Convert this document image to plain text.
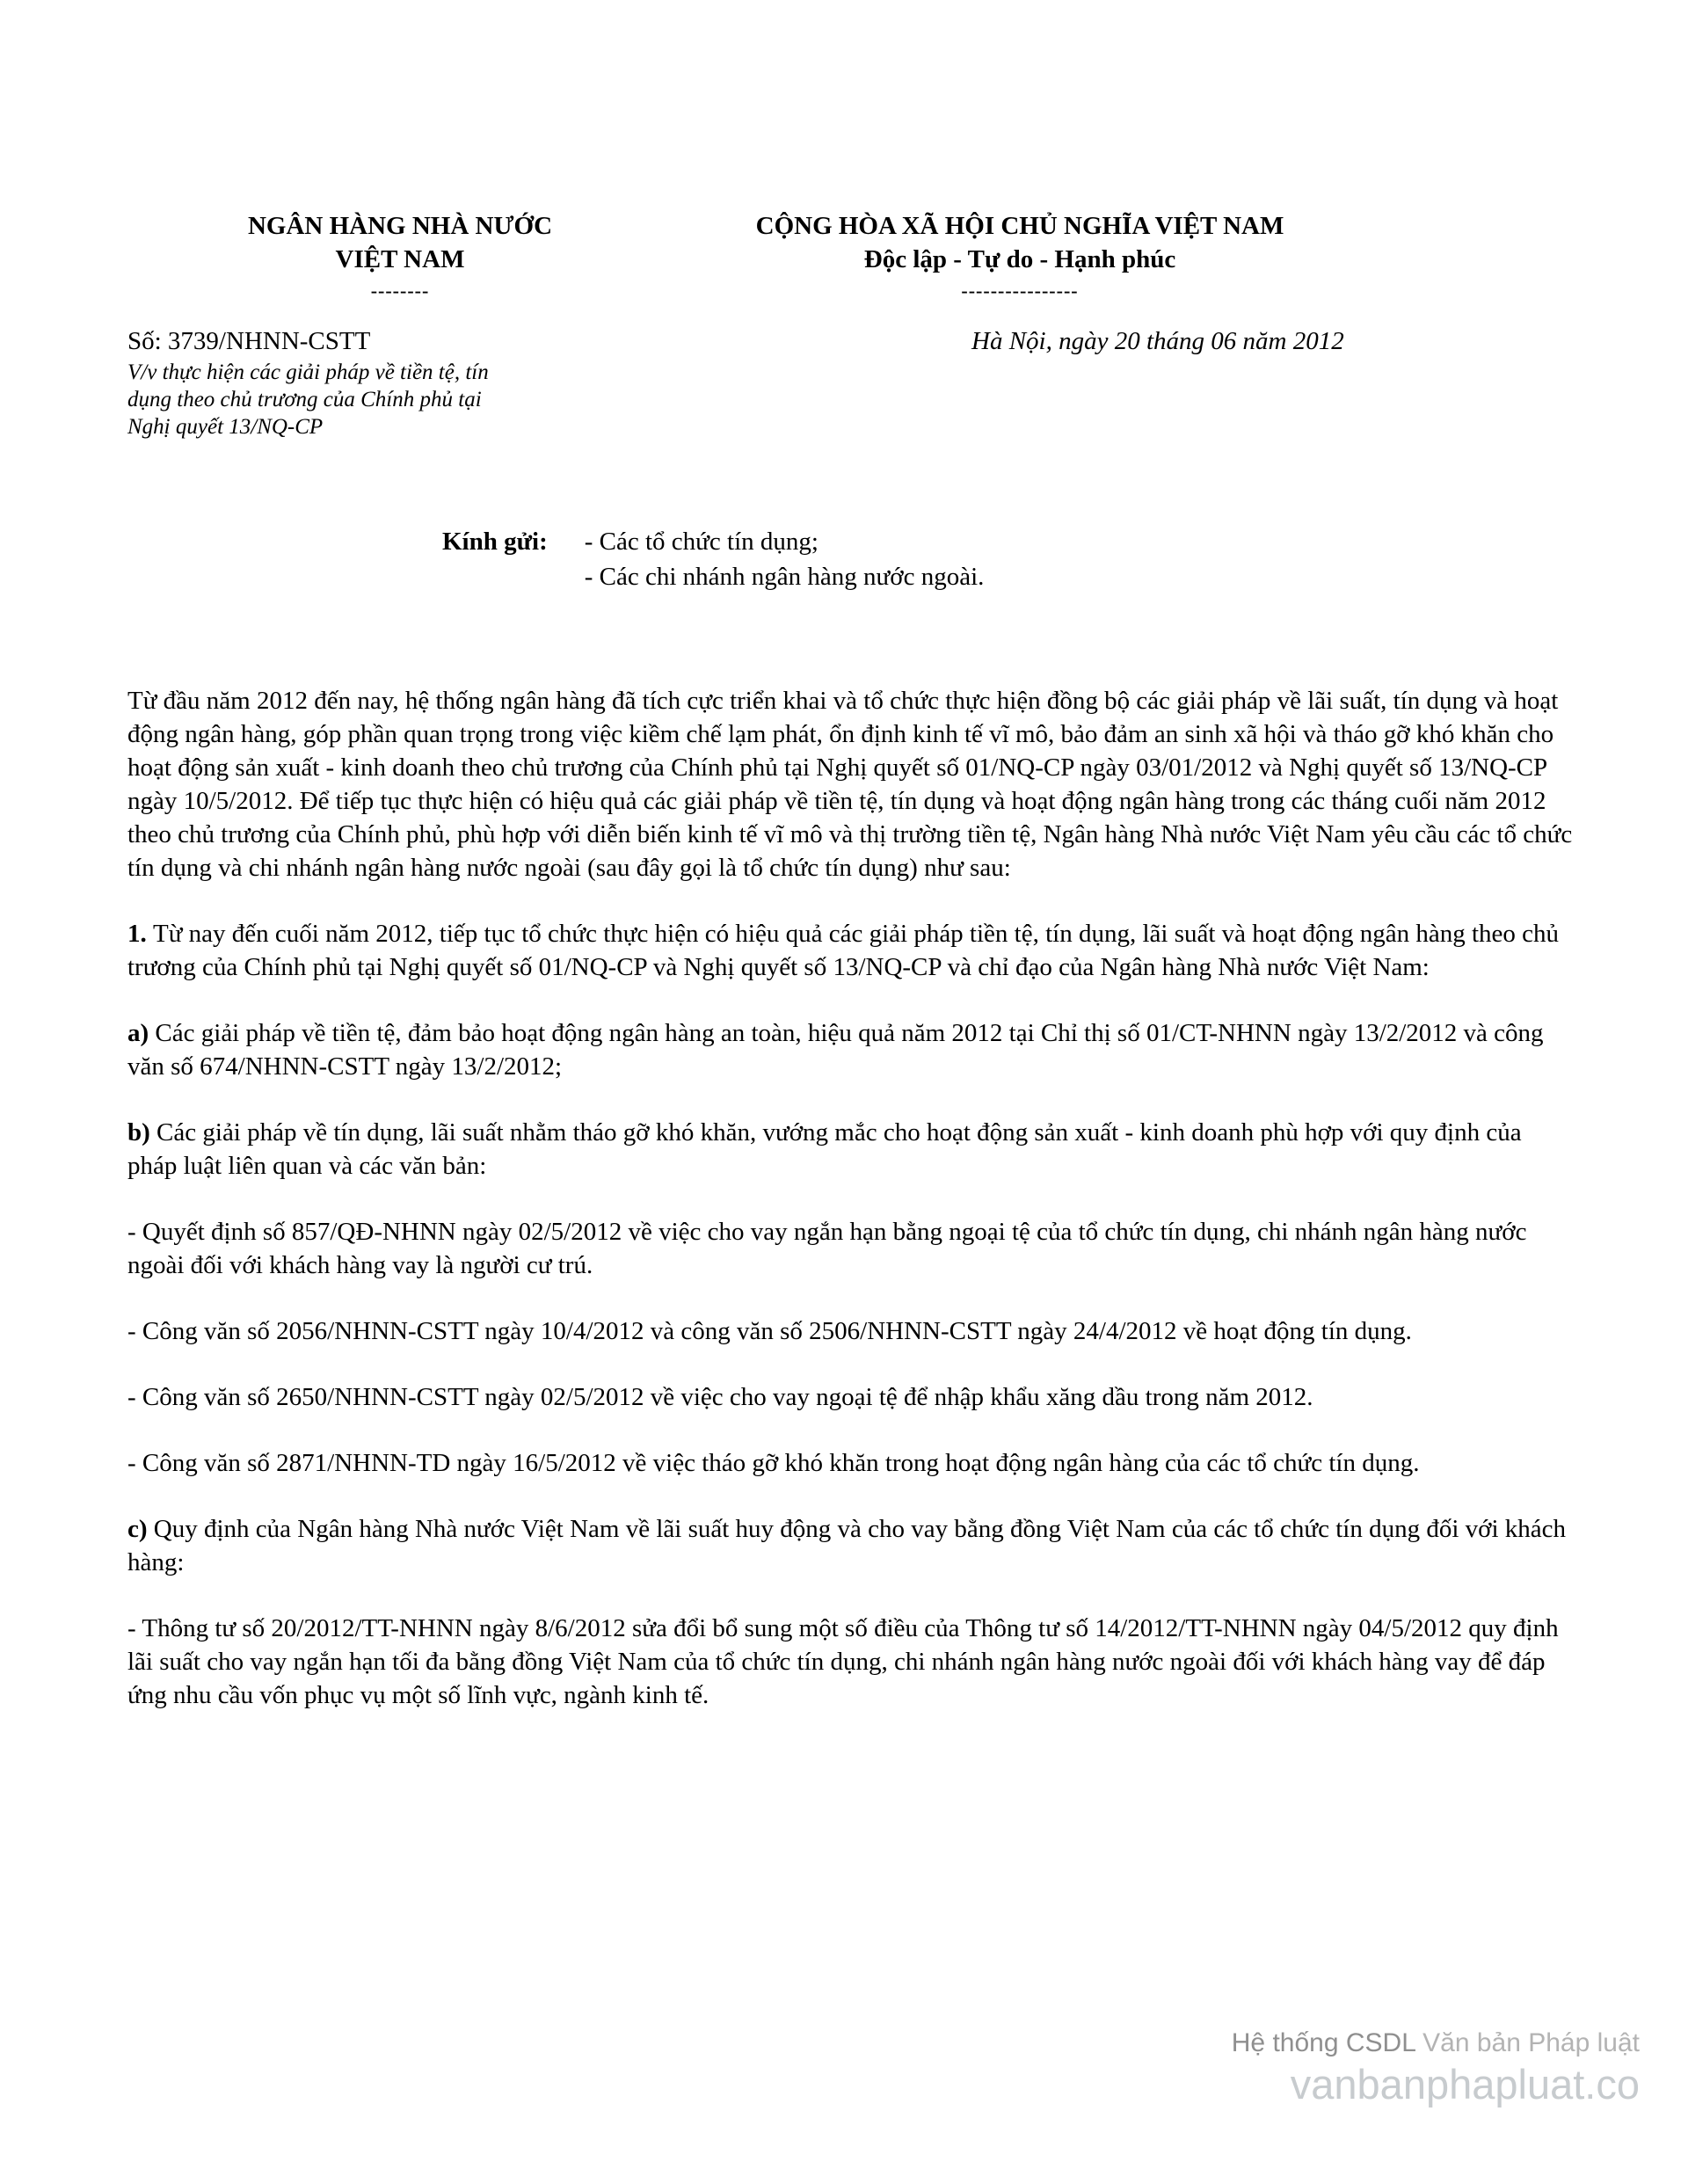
NGÂN HÀNG NHÀ NƯỚC
VIỆT NAM
--------
CỘNG HÒA XÃ HỘI CHỦ NGHĨA VIỆT NAM
Độc lập - Tự do - Hạnh phúc
----------------
Số: 3739/NHNN-CSTT
V/v thực hiện các giải pháp về tiền tệ, tín dụng theo chủ trương của Chính phủ tại Nghị quyết 13/NQ-CP
Hà Nội, ngày 20 tháng 06 năm 2012
Kính gửi: - Các tổ chức tín dụng;
- Các chi nhánh ngân hàng nước ngoài.

Từ đầu năm 2012 đến nay, hệ thống ngân hàng đã tích cực triển khai và tổ chức thực hiện đồng bộ các giải pháp về lãi suất, tín dụng và hoạt động ngân hàng, góp phần quan trọng trong việc kiềm chế lạm phát, ổn định kinh tế vĩ mô, bảo đảm an sinh xã hội và tháo gỡ khó khăn cho hoạt động sản xuất - kinh doanh theo chủ trương của Chính phủ tại Nghị quyết số 01/NQ-CP ngày 03/01/2012 và Nghị quyết số 13/NQ-CP ngày 10/5/2012. Để tiếp tục thực hiện có hiệu quả các giải pháp về tiền tệ, tín dụng và hoạt động ngân hàng trong các tháng cuối năm 2012 theo chủ trương của Chính phủ, phù hợp với diễn biến kinh tế vĩ mô và thị trường tiền tệ, Ngân hàng Nhà nước Việt Nam yêu cầu các tổ chức tín dụng và chi nhánh ngân hàng nước ngoài (sau đây gọi là tổ chức tín dụng) như sau:

1. Từ nay đến cuối năm 2012, tiếp tục tổ chức thực hiện có hiệu quả các giải pháp tiền tệ, tín dụng, lãi suất và hoạt động ngân hàng theo chủ trương của Chính phủ tại Nghị quyết số 01/NQ-CP và Nghị quyết số 13/NQ-CP và chỉ đạo của Ngân hàng Nhà nước Việt Nam:

a) Các giải pháp về tiền tệ, đảm bảo hoạt động ngân hàng an toàn, hiệu quả năm 2012 tại Chỉ thị số 01/CT-NHNN ngày 13/2/2012 và công văn số 674/NHNN-CSTT ngày 13/2/2012;

b) Các giải pháp về tín dụng, lãi suất nhằm tháo gỡ khó khăn, vướng mắc cho hoạt động sản xuất - kinh doanh phù hợp với quy định của pháp luật liên quan và các văn bản:

- Quyết định số 857/QĐ-NHNN ngày 02/5/2012 về việc cho vay ngắn hạn bằng ngoại tệ của tổ chức tín dụng, chi nhánh ngân hàng nước ngoài đối với khách hàng vay là người cư trú.

- Công văn số 2056/NHNN-CSTT ngày 10/4/2012 và công văn số 2506/NHNN-CSTT ngày 24/4/2012 về hoạt động tín dụng.

- Công văn số 2650/NHNN-CSTT ngày 02/5/2012 về việc cho vay ngoại tệ để nhập khẩu xăng dầu trong năm 2012.

- Công văn số 2871/NHNN-TD ngày 16/5/2012 về việc tháo gỡ khó khăn trong hoạt động ngân hàng của các tổ chức tín dụng.

c) Quy định của Ngân hàng Nhà nước Việt Nam về lãi suất huy động và cho vay bằng đồng Việt Nam của các tổ chức tín dụng đối với khách hàng:

- Thông tư số 20/2012/TT-NHNN ngày 8/6/2012 sửa đổi bổ sung một số điều của Thông tư số 14/2012/TT-NHNN ngày 04/5/2012 quy định lãi suất cho vay ngắn hạn tối đa bằng đồng Việt Nam của tổ chức tín dụng, chi nhánh ngân hàng nước ngoài đối với khách hàng vay để đáp ứng nhu cầu vốn phục vụ một số lĩnh vực, ngành kinh tế.

Hệ thống CSDL Văn bản Pháp luật
vanbanphapluat.co
